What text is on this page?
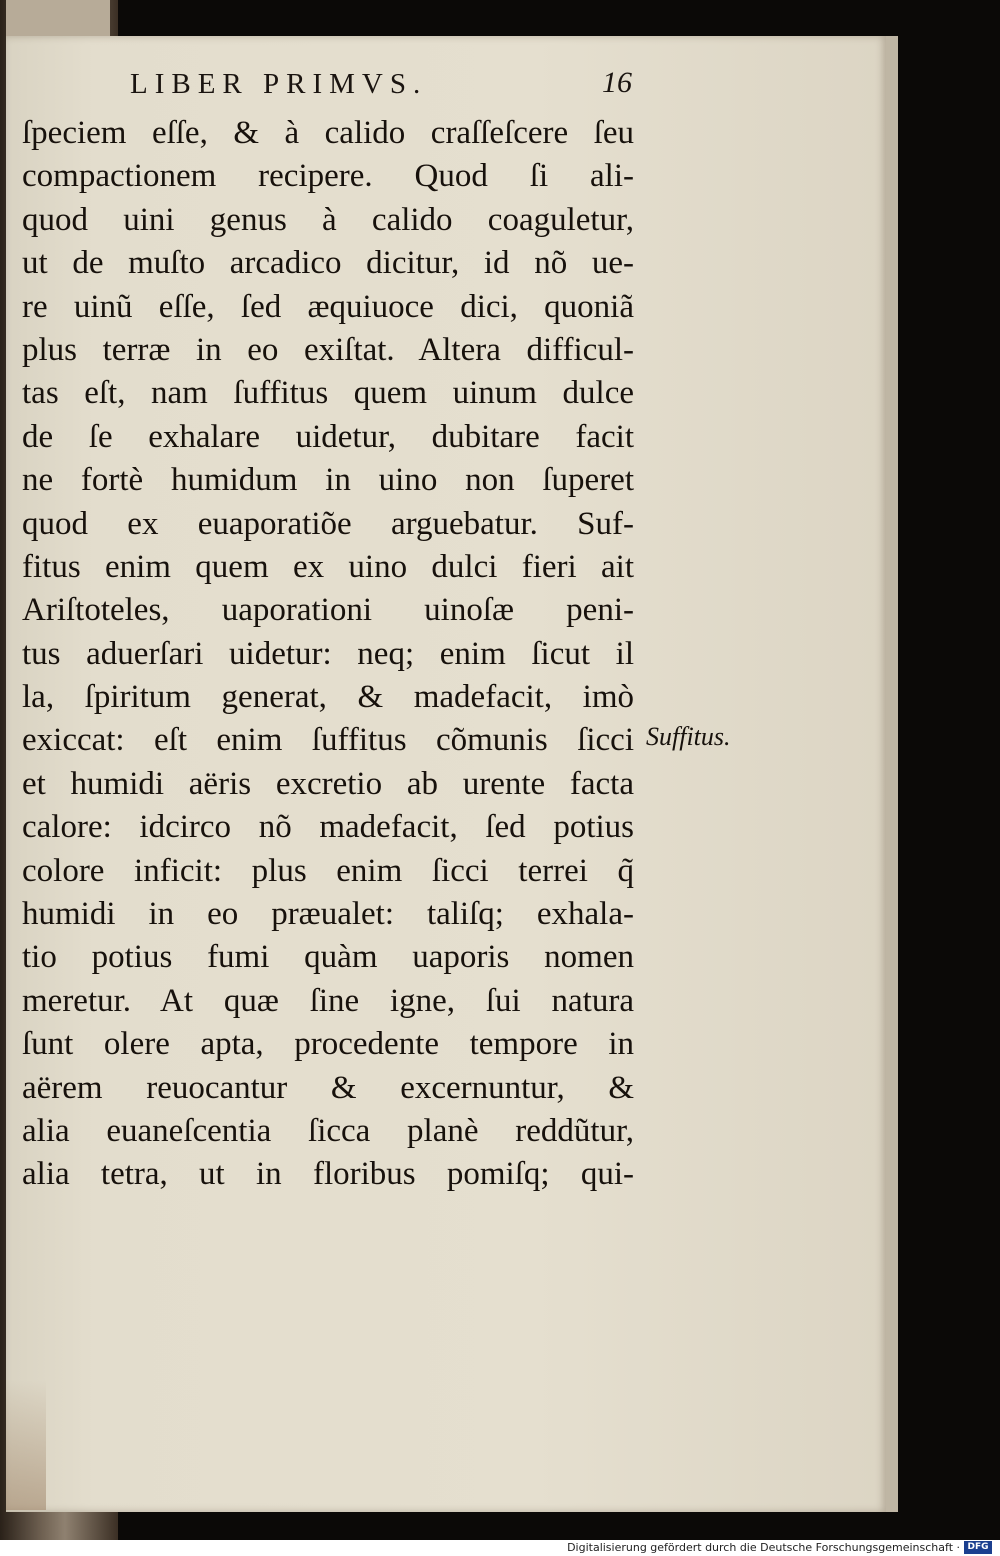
LIBER PRIMVS.	16
ſpeciem eſſe, & à calido craſſeſcere ſeu
compactionem recipere. Quod ſi ali-
quod uini genus à calido coaguletur,
ut de muſto arcadico dicitur, id nõ ue-
re uinũ eſſe, ſed æquiuoce dici, quoniã
plus terræ in eo exiſtat. Altera difficul-
tas eſt, nam ſuffitus quem uinum dulce
de ſe exhalare uidetur, dubitare facit
ne fortè humidum in uino non ſuperet
quod ex euaporatiõe arguebatur. Suf-
fitus enim quem ex uino dulci fieri ait
Ariſtoteles, uaporationi uinoſæ peni-
tus aduerſari uidetur: neq; enim ſicut il
la, ſpiritum generat, & madefacit, imò
exiccat: eſt enim ſuffitus cõmunis ſicci
et humidi aëris excretio ab urente facta
calore: idcirco nõ madefacit, ſed potius
colore inficit: plus enim ſicci terrei q̃
humidi in eo præualet: taliſq; exhala-
tio potius fumi quàm uaporis nomen
meretur. At quæ ſine igne, ſui natura
ſunt olere apta, procedente tempore in
aërem reuocantur & excernuntur, &
alia euaneſcentia ſicca planè reddũtur,
alia tetra, ut in floribus pomiſq; qui-
Suffitus.
Digitalisierung gefördert durch die Deutsche Forschungsgemeinschaft · DFG
